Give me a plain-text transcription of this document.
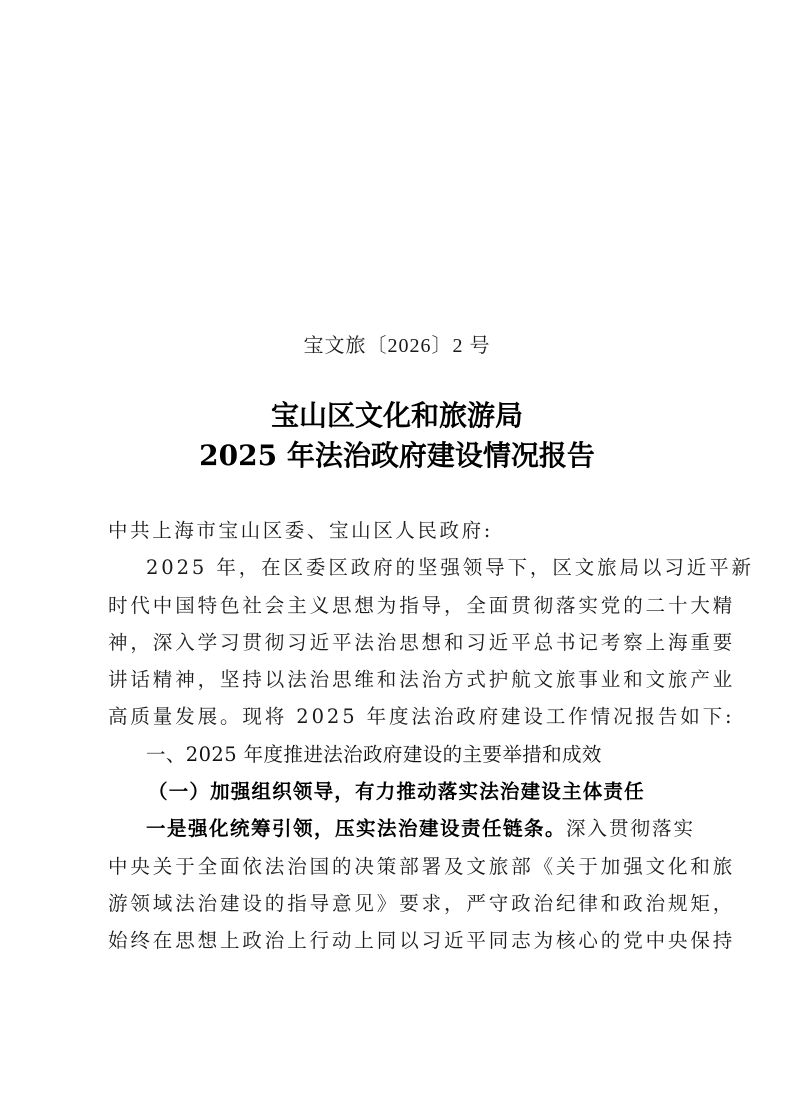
宝文旅〔2026〕2 号
宝山区文化和旅游局
2025 年法治政府建设情况报告
中共上海市宝山区委、宝山区人民政府:
2025 年，在区委区政府的坚强领导下，区文旅局以习近平新
时代中国特色社会主义思想为指导，全面贯彻落实党的二十大精
神，深入学习贯彻习近平法治思想和习近平总书记考察上海重要
讲话精神，坚持以法治思维和法治方式护航文旅事业和文旅产业
高质量发展。现将 2025 年度法治政府建设工作情况报告如下:
一、2025 年度推进法治政府建设的主要举措和成效
（一）加强组织领导，有力推动落实法治建设主体责任
一是强化统筹引领，压实法治建设责任链条。深入贯彻落实
中央关于全面依法治国的决策部署及文旅部《关于加强文化和旅
游领域法治建设的指导意见》要求，严守政治纪律和政治规矩，
始终在思想上政治上行动上同以习近平同志为核心的党中央保持
